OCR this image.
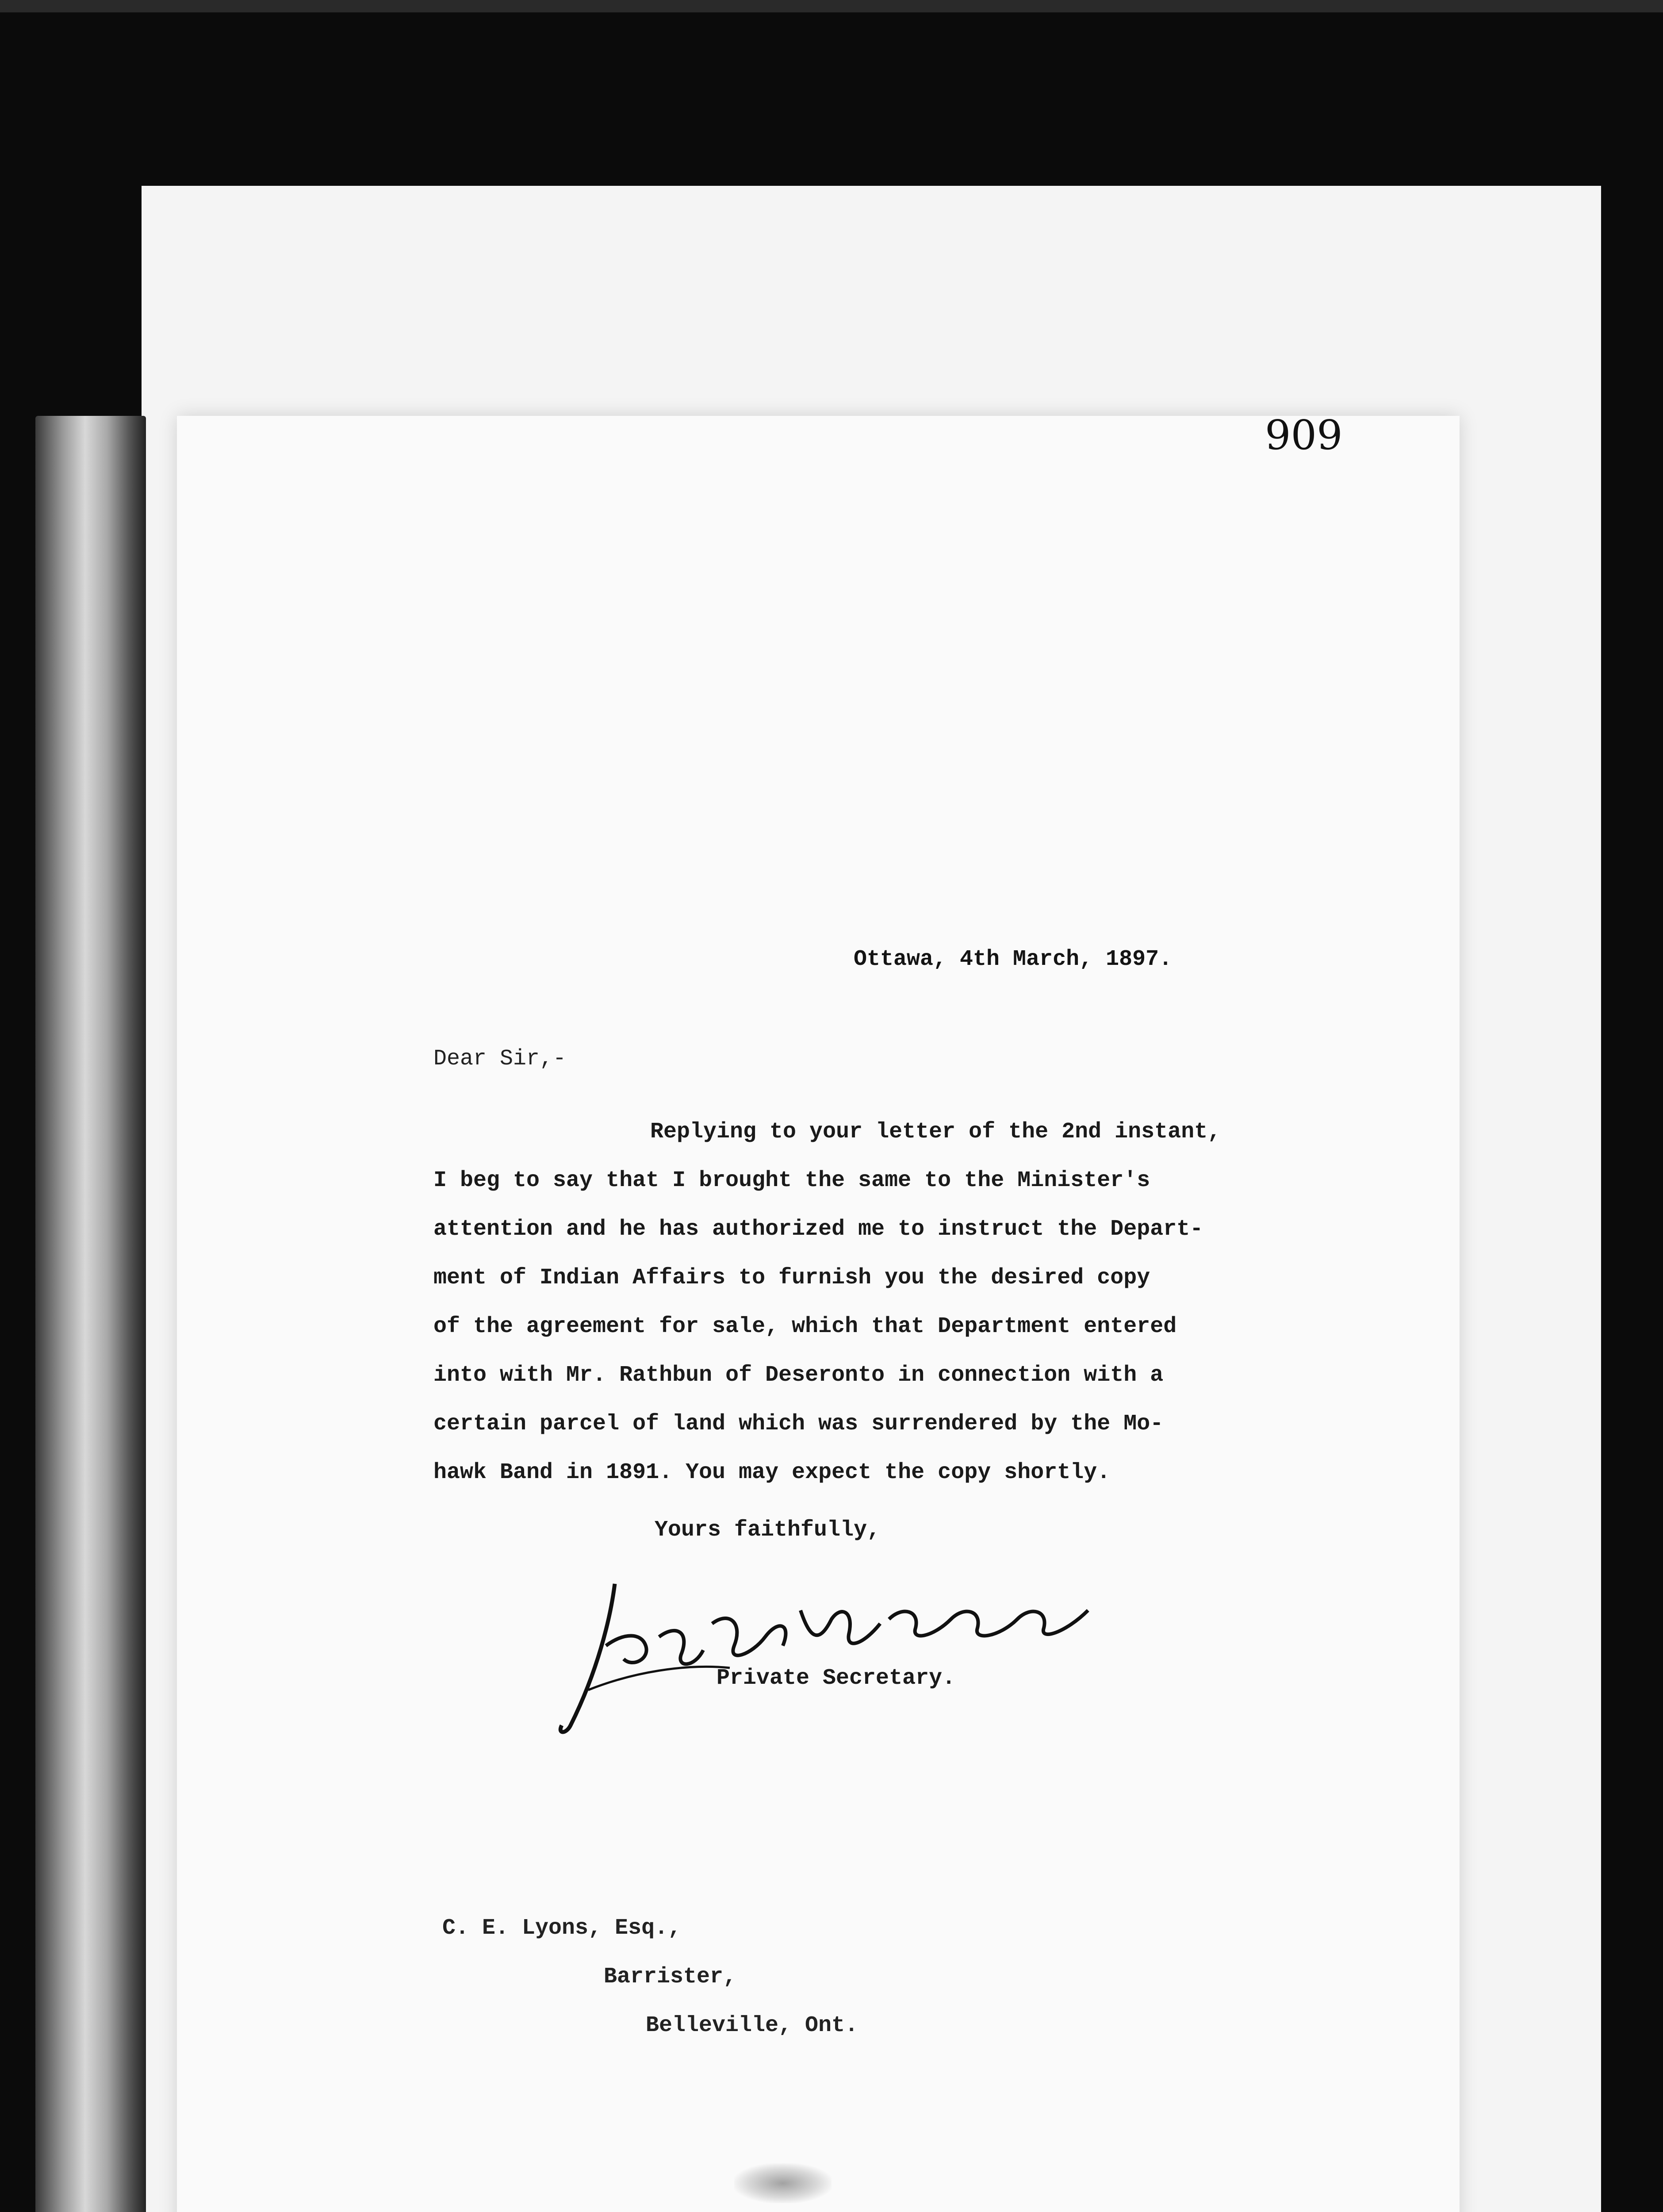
909
Ottawa, 4th March, 1897.
Dear Sir,-
Replying to your letter of the 2nd instant,
I beg to say that I brought the same to the Minister's
attention and he has authorized me to instruct the Depart-
ment of Indian Affairs to furnish you the desired copy
of the agreement for sale, which that Department entered
into with Mr. Rathbun of Deseronto in connection with a
certain parcel of land which was surrendered by the Mo-
hawk Band in 1891. You may expect the copy shortly.
Yours faithfully,
Private Secretary.
C. E. Lyons, Esq.,
Barrister,
Belleville, Ont.
